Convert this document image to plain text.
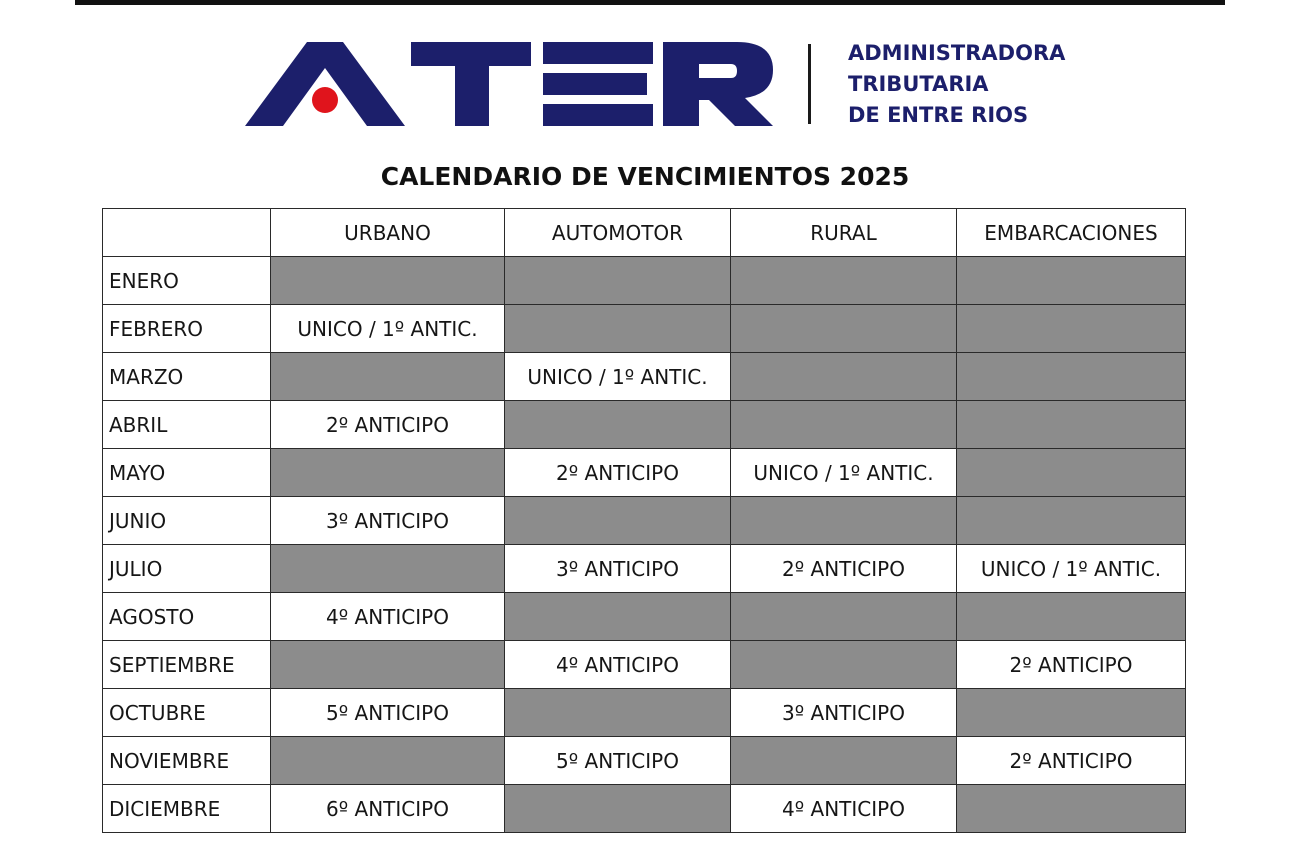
ADMINISTRADORA
TRIBUTARIA
DE ENTRE RIOS
CALENDARIO DE VENCIMIENTOS 2025
	URBANO	AUTOMOTOR	RURAL	EMBARCACIONES
ENERO				
FEBRERO	UNICO / 1º ANTIC.			
MARZO		UNICO / 1º ANTIC.		
ABRIL	2º ANTICIPO			
MAYO		2º ANTICIPO	UNICO / 1º ANTIC.	
JUNIO	3º ANTICIPO			
JULIO		3º ANTICIPO	2º ANTICIPO	UNICO / 1º ANTIC.
AGOSTO	4º ANTICIPO			
SEPTIEMBRE		4º ANTICIPO		2º ANTICIPO
OCTUBRE	5º ANTICIPO		3º ANTICIPO	
NOVIEMBRE		5º ANTICIPO		2º ANTICIPO
DICIEMBRE	6º ANTICIPO		4º ANTICIPO	
